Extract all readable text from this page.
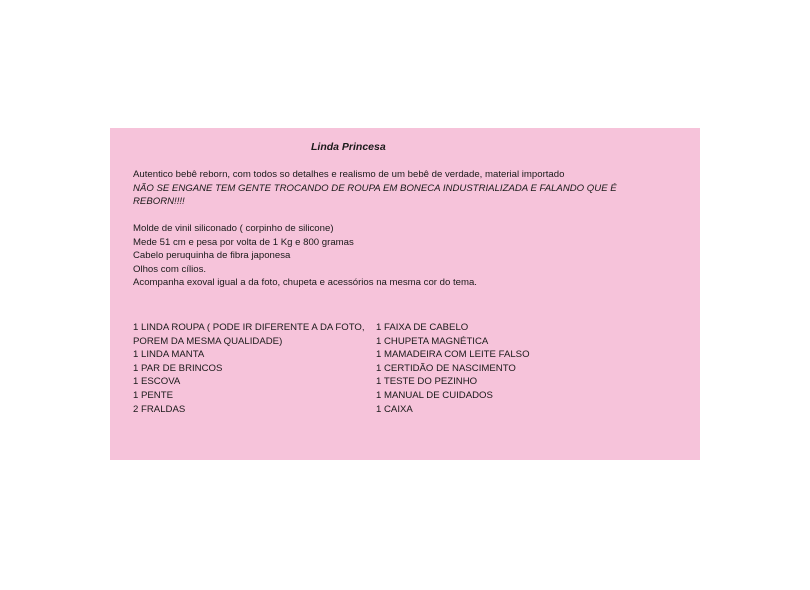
Linda Princesa
Autentico bebê reborn, com todos so detalhes e realismo de um bebê de verdade, material importado
NÃO SE ENGANE TEM GENTE TROCANDO DE ROUPA EM BONECA INDUSTRIALIZADA E FALANDO QUE É
REBORN!!!!
Molde de vinil siliconado ( corpinho de silicone)
Mede 51 cm e pesa por volta de 1 Kg e 800 gramas
Cabelo peruquinha de fibra japonesa
Olhos com cílios.
Acompanha exoval igual a da foto, chupeta e acessórios na mesma cor do tema.
1 LINDA ROUPA ( PODE IR DIFERENTE A DA FOTO,
POREM DA MESMA QUALIDADE)
1 LINDA MANTA
1 PAR DE BRINCOS
1 ESCOVA
1 PENTE
2 FRALDAS
1 FAIXA DE CABELO
1 CHUPETA MAGNÉTICA
1 MAMADEIRA COM LEITE FALSO
1 CERTIDÃO DE NASCIMENTO
1 TESTE DO PEZINHO
1 MANUAL DE CUIDADOS
1 CAIXA
